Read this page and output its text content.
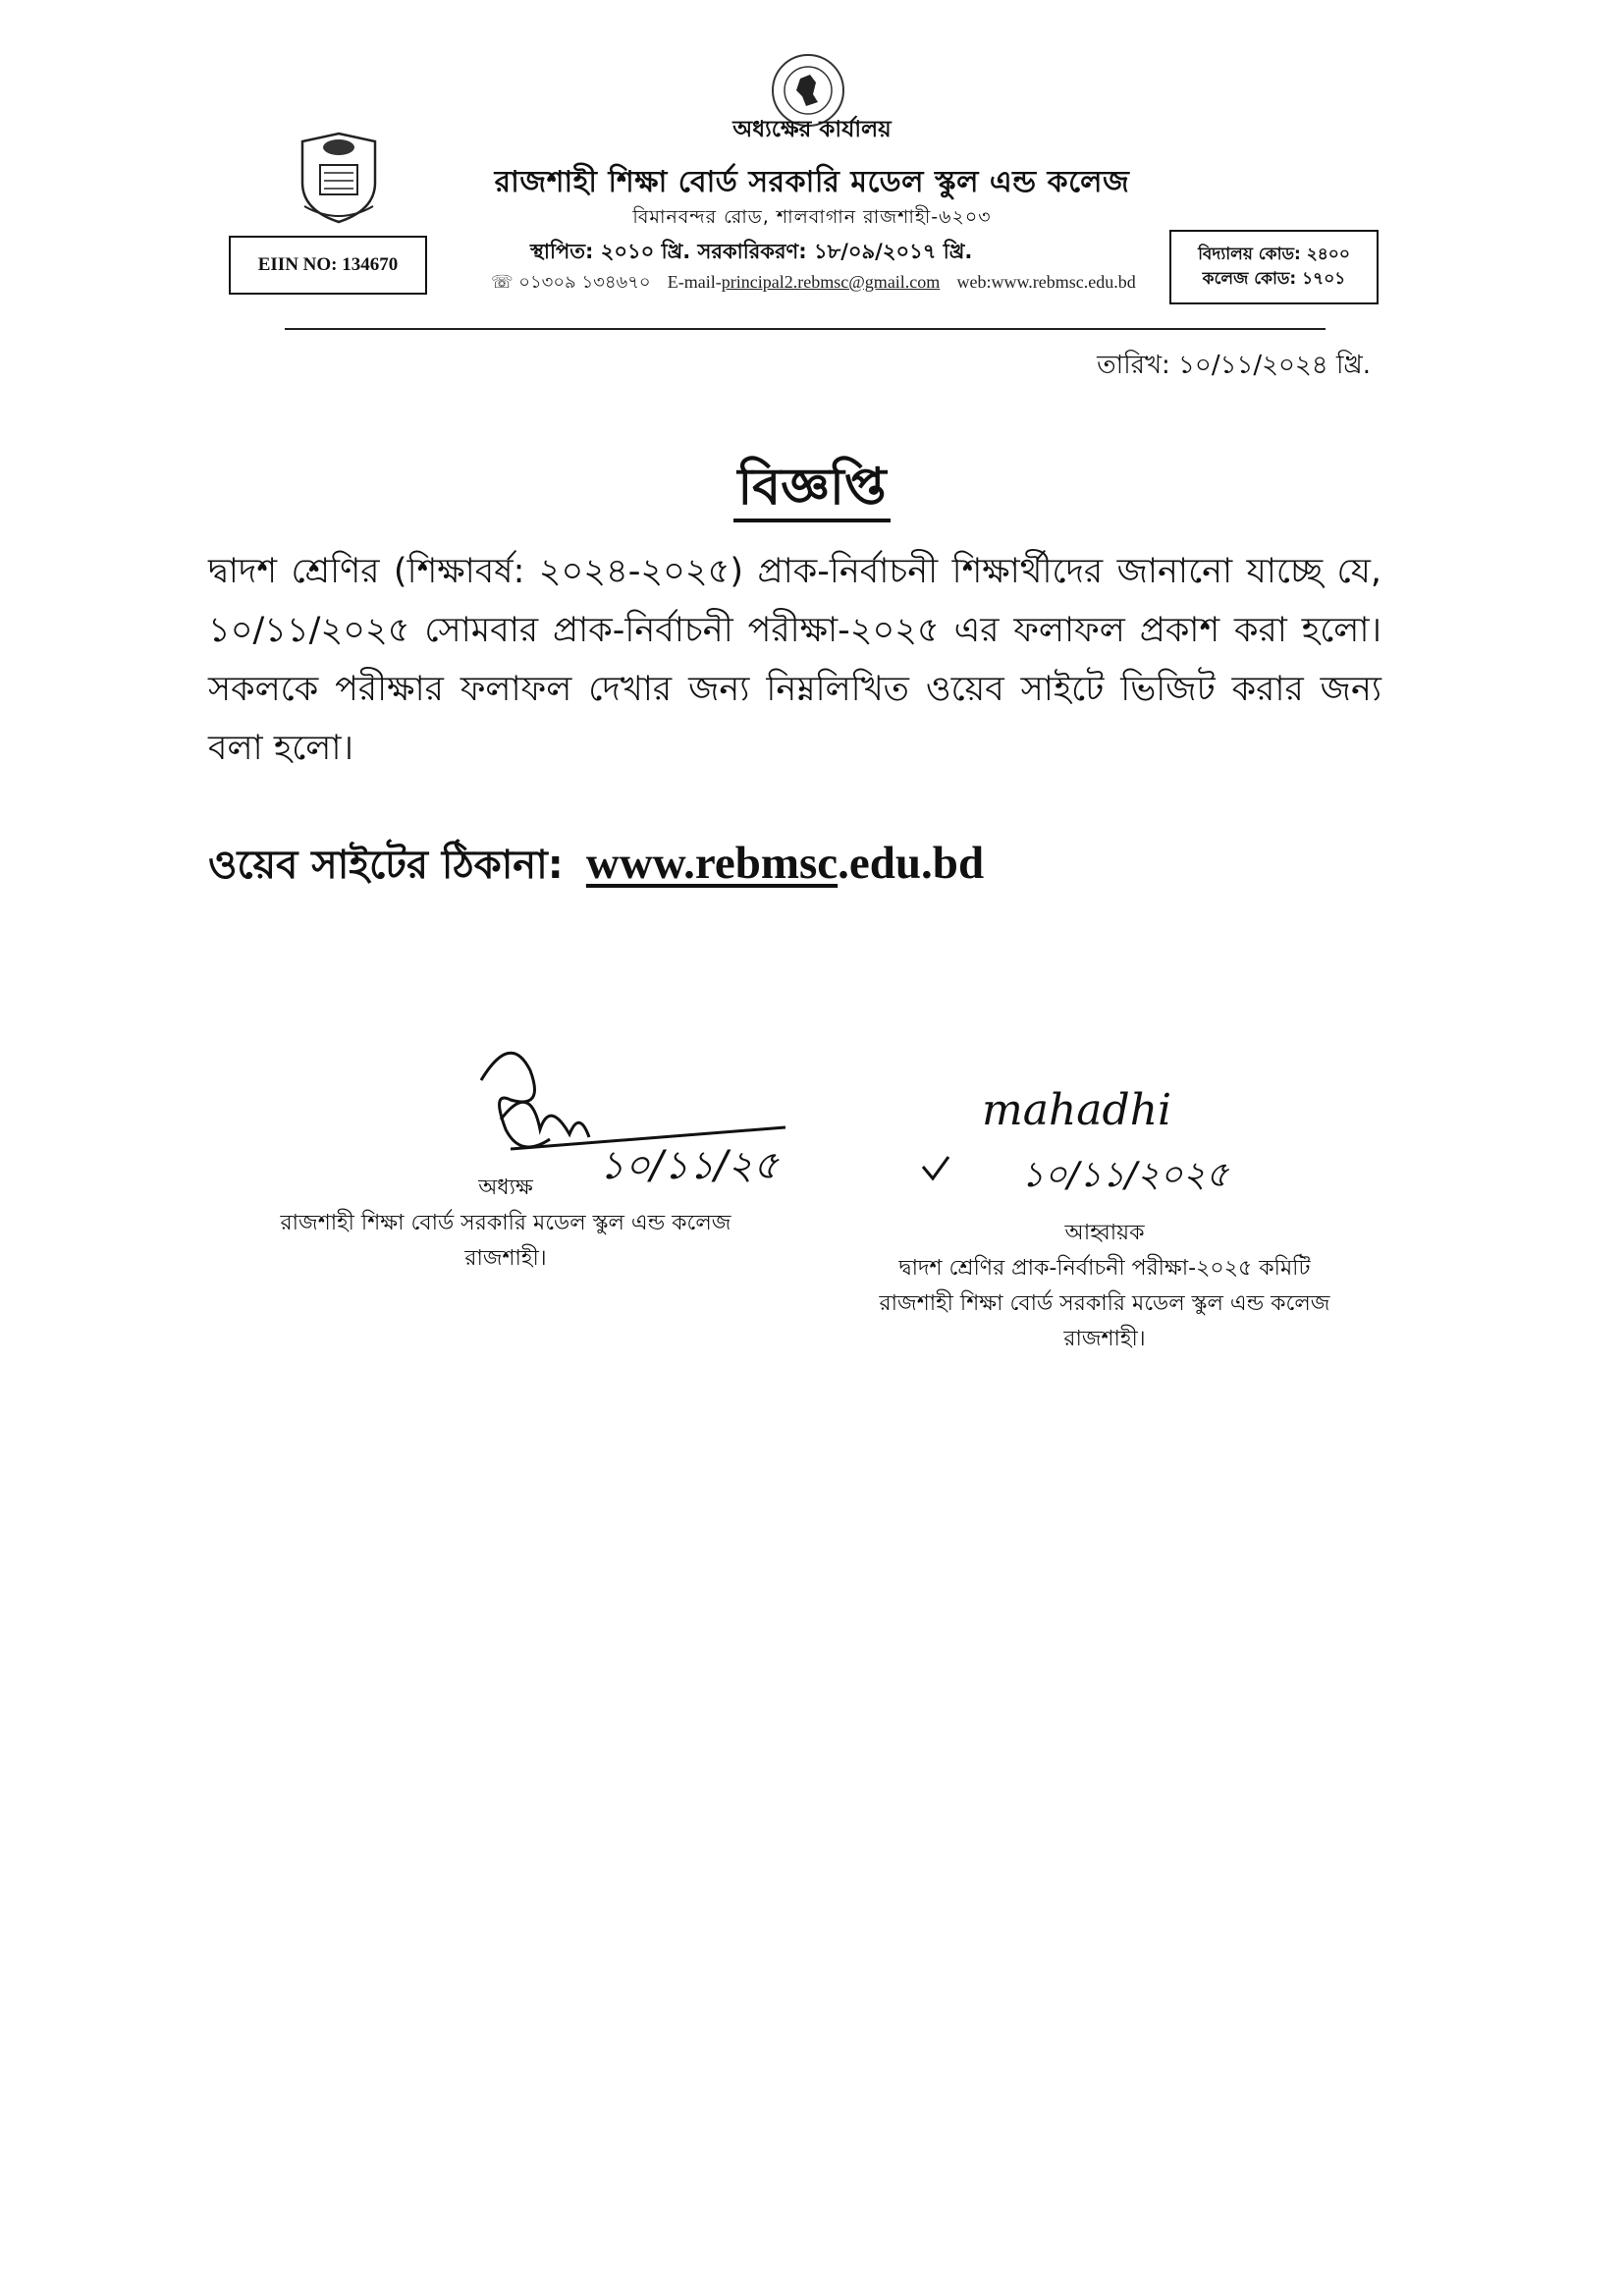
অধ্যক্ষের কার্যালয়
রাজশাহী শিক্ষা বোর্ড সরকারি মডেল স্কুল এন্ড কলেজ
বিমানবন্দর রোড, শালবাগান রাজশাহী-৬২০৩
স্থাপিত: ২০১০ খ্রি. সরকারিকরণ: ১৮/০৯/২০১৭ খ্রি.
☏ ০১৩০৯ ১৩৪৬৭০ E-mail-principal2.rebmsc@gmail.com web:www.rebmsc.edu.bd
EIIN NO: 134670	বিদ্যালয় কোড: ২৪০০
কলেজ কোড: ১৭০১
তারিখ: ১০/১১/২০২৪ খ্রি.
বিজ্ঞপ্তি
দ্বাদশ শ্রেণির (শিক্ষাবর্ষ: ২০২৪-২০২৫) প্রাক-নির্বাচনী শিক্ষার্থীদের জানানো যাচ্ছে যে, ১০/১১/২০২৫ সোমবার প্রাক-নির্বাচনী পরীক্ষা-২০২৫ এর ফলাফল প্রকাশ করা হলো। সকলকে পরীক্ষার ফলাফল দেখার জন্য নিম্নলিখিত ওয়েব সাইটে ভিজিট করার জন্য বলা হলো।
ওয়েব সাইটের ঠিকানা: www.rebmsc.edu.bd
১০/১১/২৫
mahadhi
১০/১১/২০২৫
অধ্যক্ষ
রাজশাহী শিক্ষা বোর্ড সরকারি মডেল স্কুল এন্ড কলেজ
রাজশাহী।
আহ্বায়ক
দ্বাদশ শ্রেণির প্রাক-নির্বাচনী পরীক্ষা-২০২৫ কমিটি
রাজশাহী শিক্ষা বোর্ড সরকারি মডেল স্কুল এন্ড কলেজ
রাজশাহী।
